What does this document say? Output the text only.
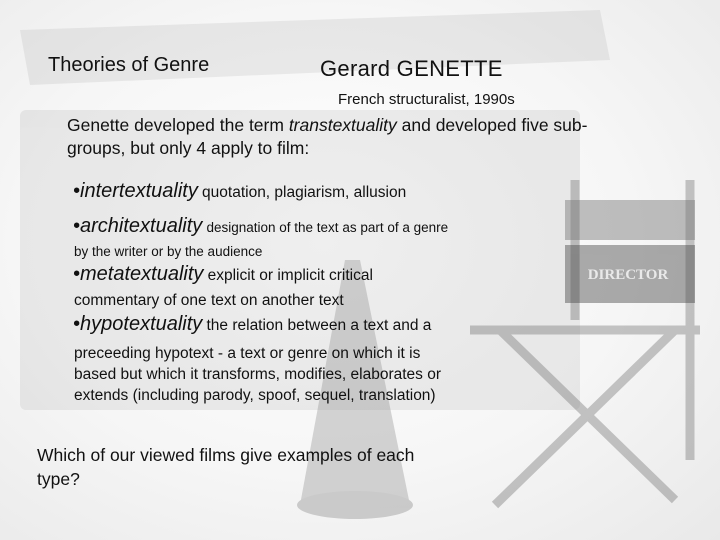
DIRECTOR
Theories of Genre	Gerard GENETTE
French structuralist, 1990s
Genette developed the term transtextuality and developed five sub-groups, but only 4 apply to film:
•intertextuality quotation, plagiarism, allusion
•architextuality designation of the text as part of a genre
by the writer or by the audience
•metatextuality explicit or implicit critical
commentary of one text on another text
•hypotextuality the relation between a text and a
preceeding hypotext - a text or genre on which it is based but which it transforms, modifies, elaborates or extends (including parody, spoof, sequel, translation)
Which of our viewed films give examples of each type?
